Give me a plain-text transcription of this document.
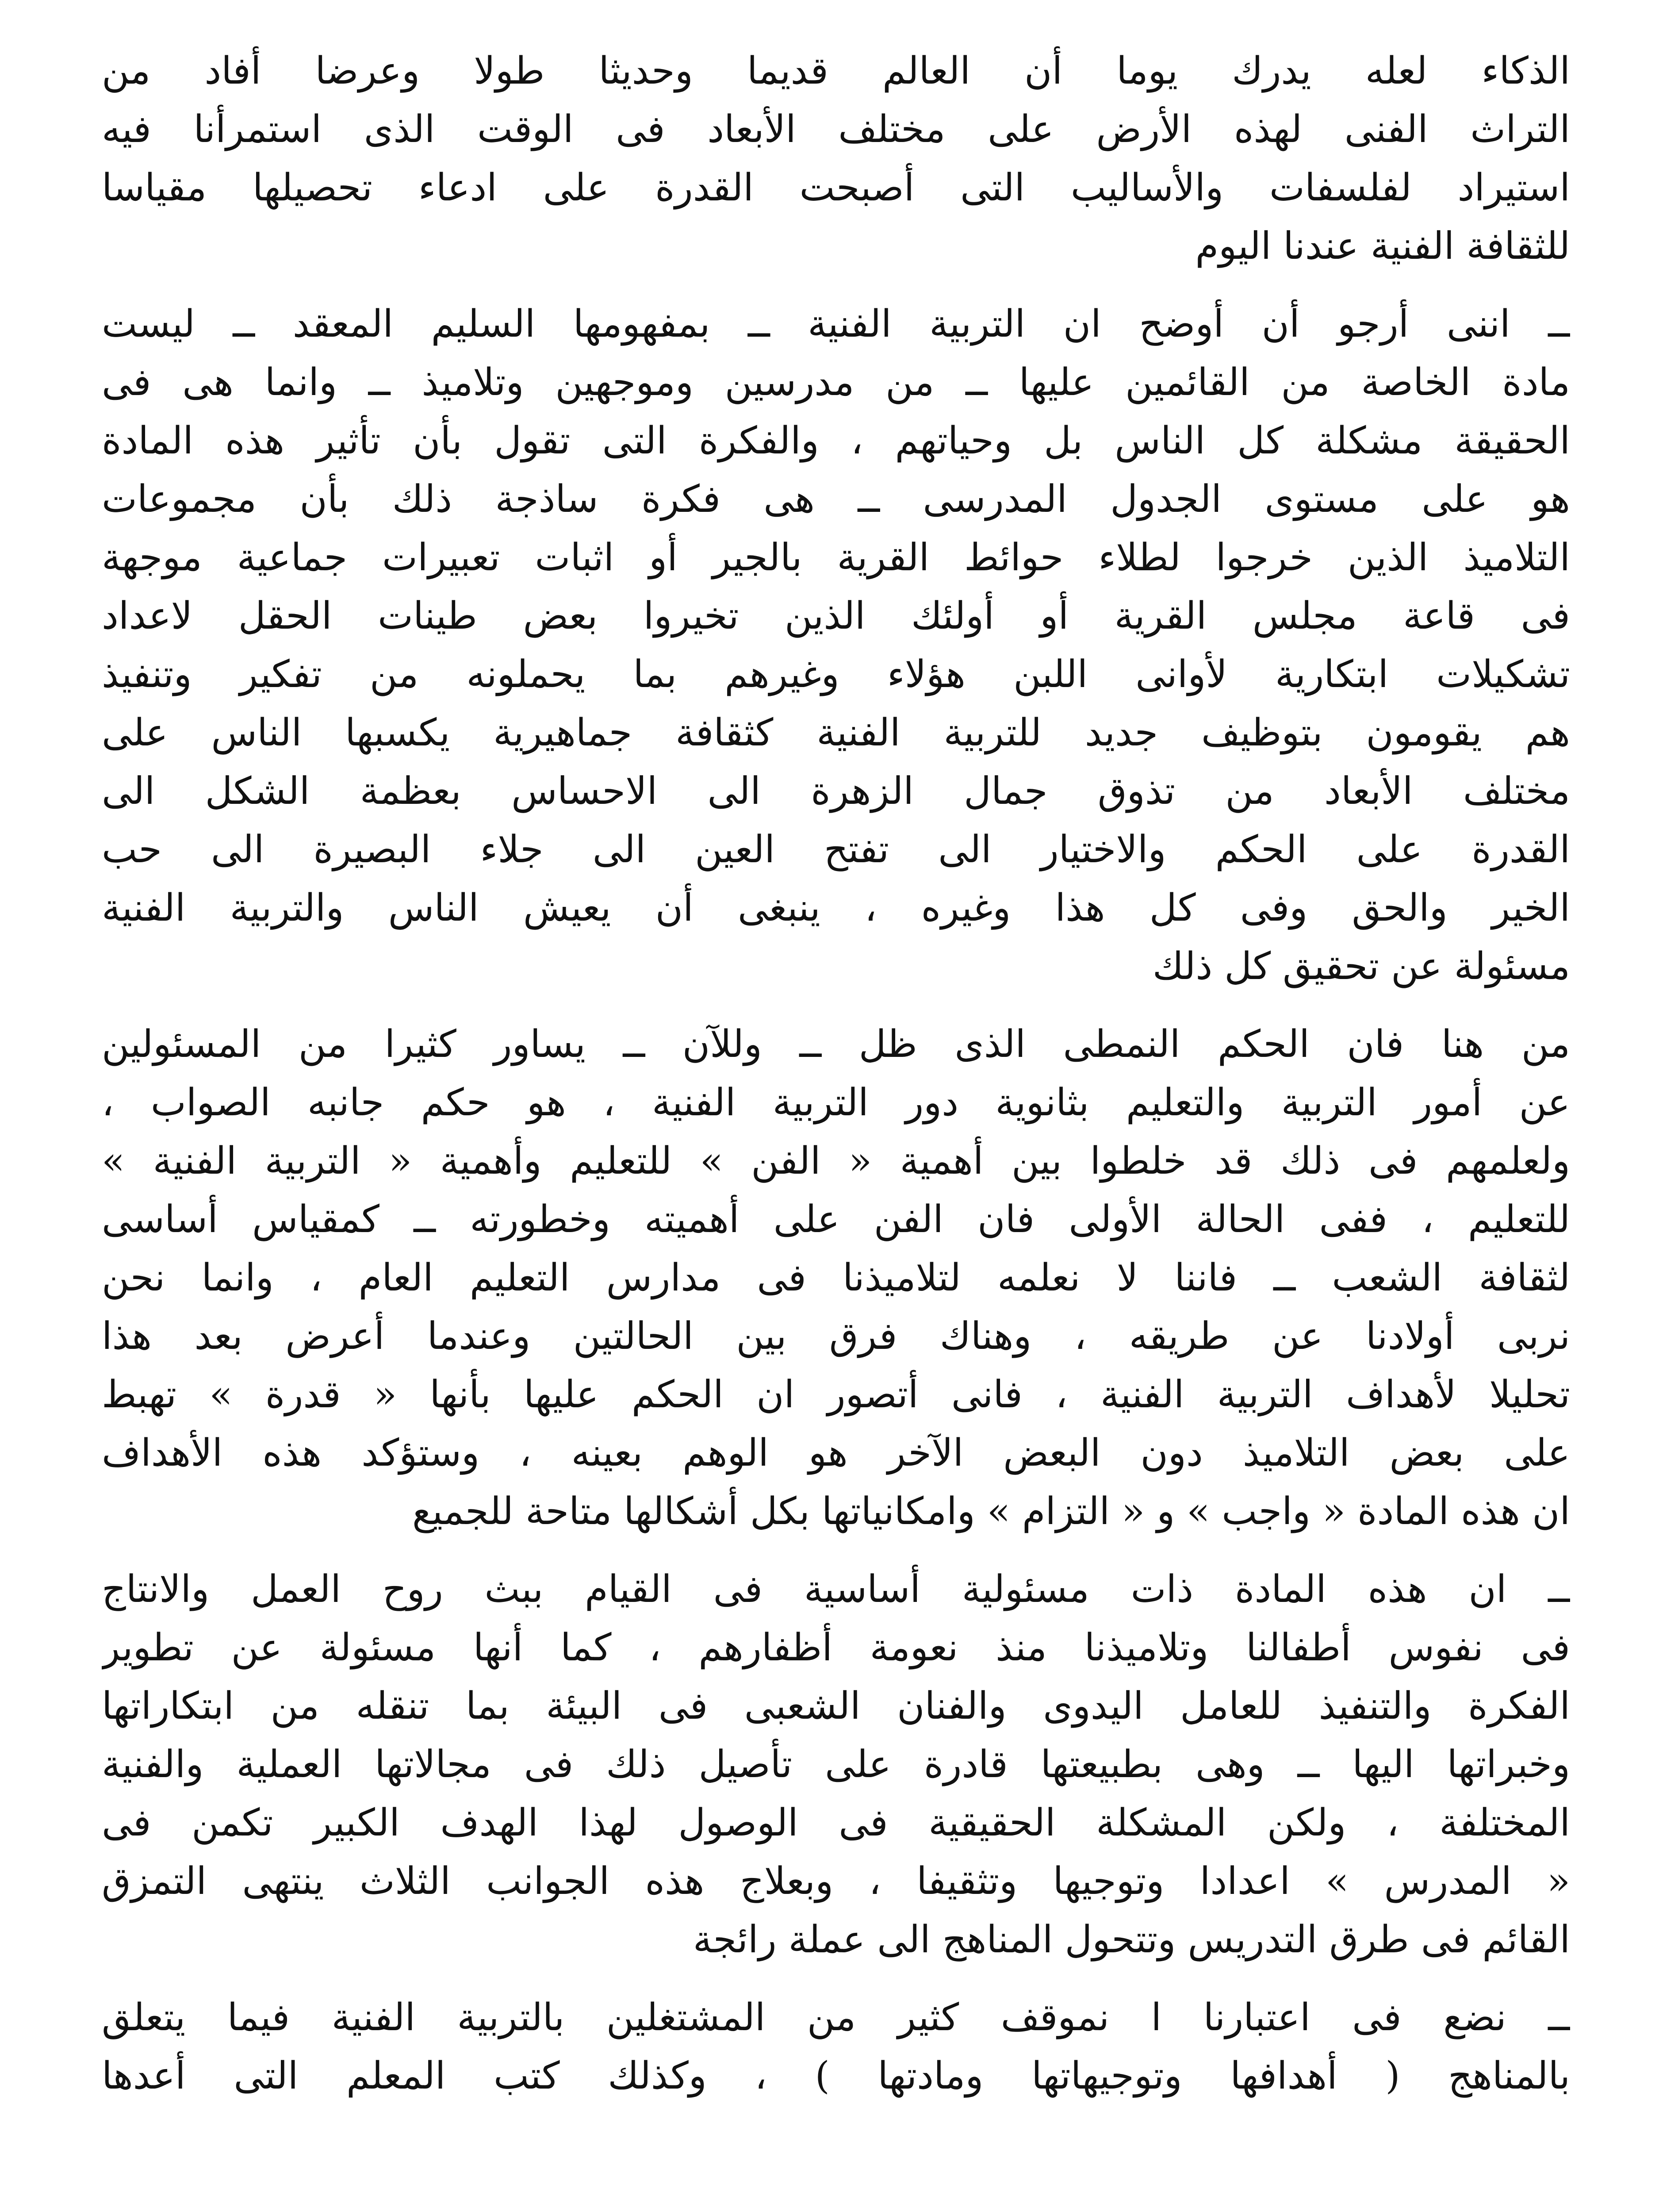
الذكاء لعله يدرك يوما أن العالم قديما وحديثا طولا وعرضا أفاد من
التراث الفنى لهذه الأرض على مختلف الأبعاد فى الوقت الذى استمرأنا فيه
استيراد لفلسفات والأساليب التى أصبحت القدرة على ادعاء تحصيلها مقياسا
للثقافة الفنية عندنا اليوم
ــ اننى أرجو أن أوضح ان التربية الفنية ــ بمفهومها السليم المعقد ــ ليست
مادة الخاصة من القائمين عليها ــ من مدرسين وموجهين وتلاميذ ــ وانما هى فى
الحقيقة مشكلة كل الناس بل وحياتهم ، والفكرة التى تقول بأن تأثير هذه المادة
هو على مستوى الجدول المدرسى ــ هى فكرة ساذجة ذلك بأن مجموعات
التلاميذ الذين خرجوا لطلاء حوائط القرية بالجير أو اثبات تعبيرات جماعية موجهة
فى قاعة مجلس القرية أو أولئك الذين تخيروا بعض طينات الحقل لاعداد
تشكيلات ابتكارية لأوانى اللبن هؤلاء وغيرهم بما يحملونه من تفكير وتنفيذ
هم يقومون بتوظيف جديد للتربية الفنية كثقافة جماهيرية يكسبها الناس على
مختلف الأبعاد من تذوق جمال الزهرة الى الاحساس بعظمة الشكل الى
القدرة على الحكم والاختيار الى تفتح العين الى جلاء البصيرة الى حب
الخير والحق وفى كل هذا وغيره ، ينبغى أن يعيش الناس والتربية الفنية
مسئولة عن تحقيق كل ذلك
من هنا فان الحكم النمطى الذى ظل ــ وللآن ــ يساور كثيرا من المسئولين
عن أمور التربية والتعليم بثانوية دور التربية الفنية ، هو حكم جانبه الصواب ،
ولعلمهم فى ذلك قد خلطوا بين أهمية « الفن » للتعليم وأهمية « التربية الفنية »
للتعليم ، ففى الحالة الأولى فان الفن على أهميته وخطورته ــ كمقياس أساسى
لثقافة الشعب ــ فاننا لا نعلمه لتلاميذنا فى مدارس التعليم العام ، وانما نحن
نربى أولادنا عن طريقه ، وهناك فرق بين الحالتين وعندما أعرض بعد هذا
تحليلا لأهداف التربية الفنية ، فانى أتصور ان الحكم عليها بأنها « قدرة » تهبط
على بعض التلاميذ دون البعض الآخر هو الوهم بعينه ، وستؤكد هذه الأهداف
ان هذه المادة « واجب » و « التزام » وامكانياتها بكل أشكالها متاحة للجميع
ــ ان هذه المادة ذات مسئولية أساسية فى القيام ببث روح العمل والانتاج
فى نفوس أطفالنا وتلاميذنا منذ نعومة أظفارهم ، كما أنها مسئولة عن تطوير
الفكرة والتنفيذ للعامل اليدوى والفنان الشعبى فى البيئة بما تنقله من ابتكاراتها
وخبراتها اليها ــ وهى بطبيعتها قادرة على تأصيل ذلك فى مجالاتها العملية والفنية
المختلفة ، ولكن المشكلة الحقيقية فى الوصول لهذا الهدف الكبير تكمن فى
« المدرس » اعدادا وتوجيها وتثقيفا ، وبعلاج هذه الجوانب الثلاث ينتهى التمزق
القائم فى طرق التدريس وتتحول المناهج الى عملة رائجة
ــ نضع فى اعتبارنا ا نموقف كثير من المشتغلين بالتربية الفنية فيما يتعلق
بالمناهج ( أهدافها وتوجيهاتها ومادتها ) ، وكذلك كتب المعلم التى أعدها
